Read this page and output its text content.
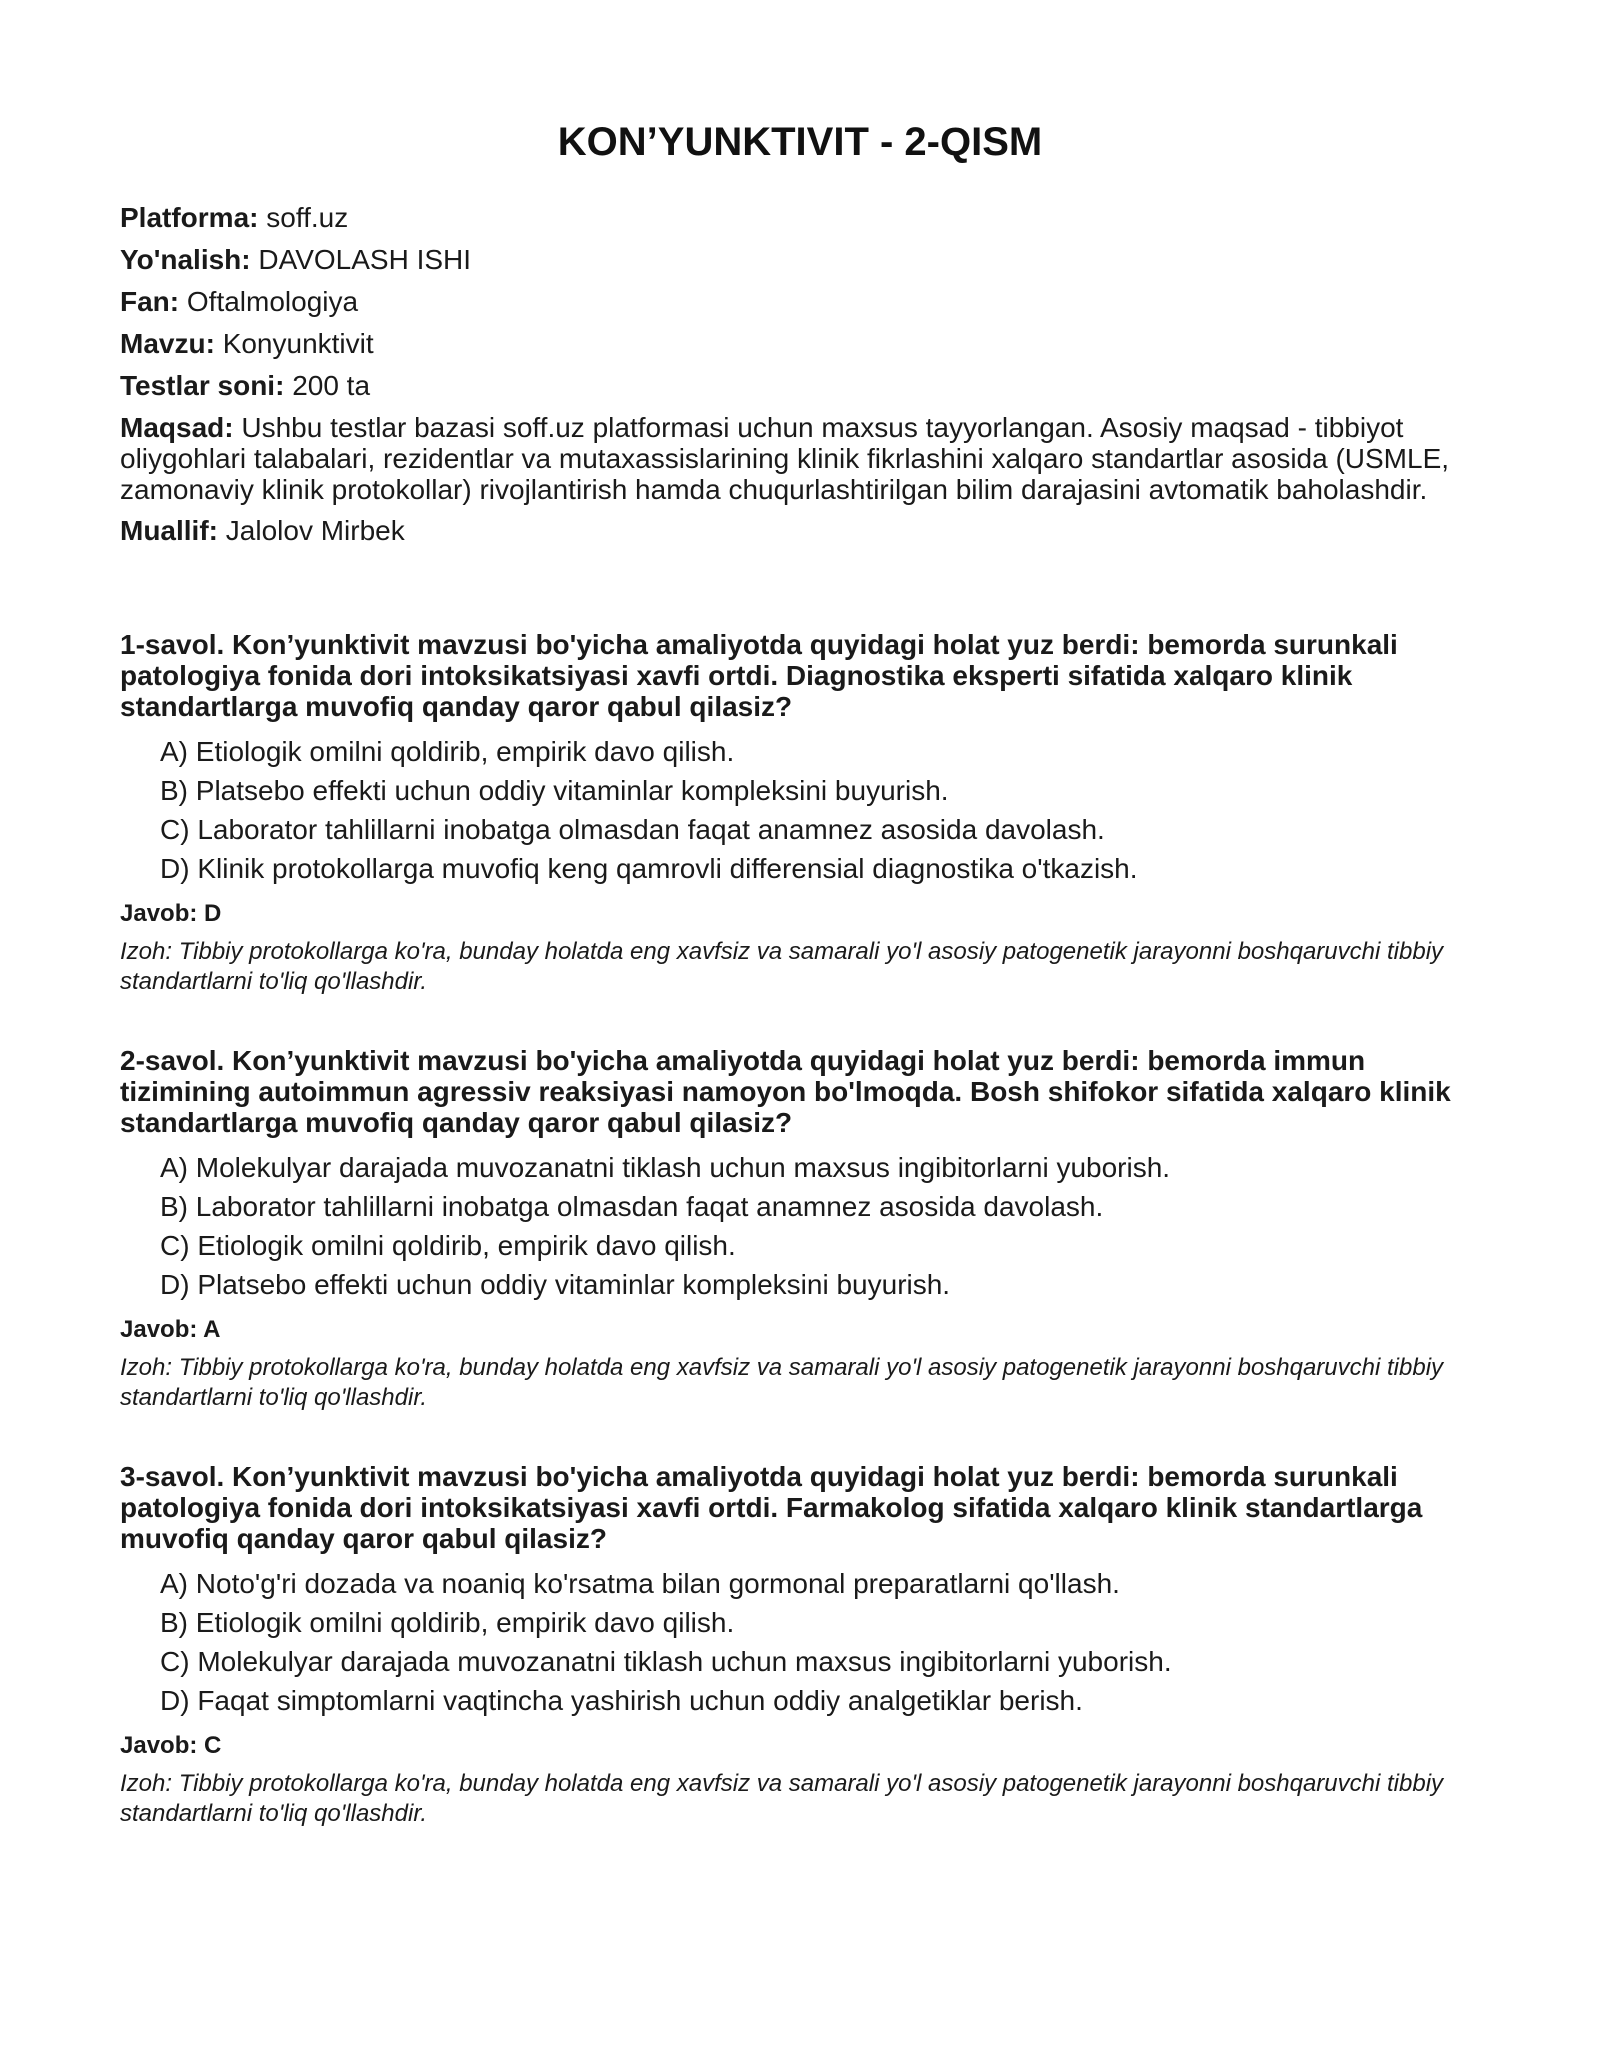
KON’YUNKTIVIT - 2-QISM

Platforma: soff.uz

Yo'nalish: DAVOLASH ISHI

Fan: Oftalmologiya

Mavzu: Konyunktivit

Testlar soni: 200 ta

Maqsad: Ushbu testlar bazasi soff.uz platformasi uchun maxsus tayyorlangan. Asosiy maqsad - tibbiyot oliygohlari talabalari, rezidentlar va mutaxassislarining klinik fikrlashini xalqaro standartlar asosida (USMLE, zamonaviy klinik protokollar) rivojlantirish hamda chuqurlashtirilgan bilim darajasini avtomatik baholashdir.

Muallif: Jalolov Mirbek

1-savol. Kon’yunktivit mavzusi bo'yicha amaliyotda quyidagi holat yuz berdi: bemorda surunkali patologiya fonida dori intoksikatsiyasi xavfi ortdi. Diagnostika eksperti sifatida xalqaro klinik standartlarga muvofiq qanday qaror qabul qilasiz?

A) Etiologik omilni qoldirib, empirik davo qilish.
B) Platsebo effekti uchun oddiy vitaminlar kompleksini buyurish.
C) Laborator tahlillarni inobatga olmasdan faqat anamnez asosida davolash.
D) Klinik protokollarga muvofiq keng qamrovli differensial diagnostika o'tkazish.

Javob: D

Izoh: Tibbiy protokollarga ko'ra, bunday holatda eng xavfsiz va samarali yo'l asosiy patogenetik jarayonni boshqaruvchi tibbiy standartlarni to'liq qo'llashdir.

2-savol. Kon’yunktivit mavzusi bo'yicha amaliyotda quyidagi holat yuz berdi: bemorda immun tizimining autoimmun agressiv reaksiyasi namoyon bo'lmoqda. Bosh shifokor sifatida xalqaro klinik standartlarga muvofiq qanday qaror qabul qilasiz?

A) Molekulyar darajada muvozanatni tiklash uchun maxsus ingibitorlarni yuborish.
B) Laborator tahlillarni inobatga olmasdan faqat anamnez asosida davolash.
C) Etiologik omilni qoldirib, empirik davo qilish.
D) Platsebo effekti uchun oddiy vitaminlar kompleksini buyurish.

Javob: A

Izoh: Tibbiy protokollarga ko'ra, bunday holatda eng xavfsiz va samarali yo'l asosiy patogenetik jarayonni boshqaruvchi tibbiy standartlarni to'liq qo'llashdir.

3-savol. Kon’yunktivit mavzusi bo'yicha amaliyotda quyidagi holat yuz berdi: bemorda surunkali patologiya fonida dori intoksikatsiyasi xavfi ortdi. Farmakolog sifatida xalqaro klinik standartlarga muvofiq qanday qaror qabul qilasiz?

A) Noto'g'ri dozada va noaniq ko'rsatma bilan gormonal preparatlarni qo'llash.
B) Etiologik omilni qoldirib, empirik davo qilish.
C) Molekulyar darajada muvozanatni tiklash uchun maxsus ingibitorlarni yuborish.
D) Faqat simptomlarni vaqtincha yashirish uchun oddiy analgetiklar berish.

Javob: C

Izoh: Tibbiy protokollarga ko'ra, bunday holatda eng xavfsiz va samarali yo'l asosiy patogenetik jarayonni boshqaruvchi tibbiy standartlarni to'liq qo'llashdir.
